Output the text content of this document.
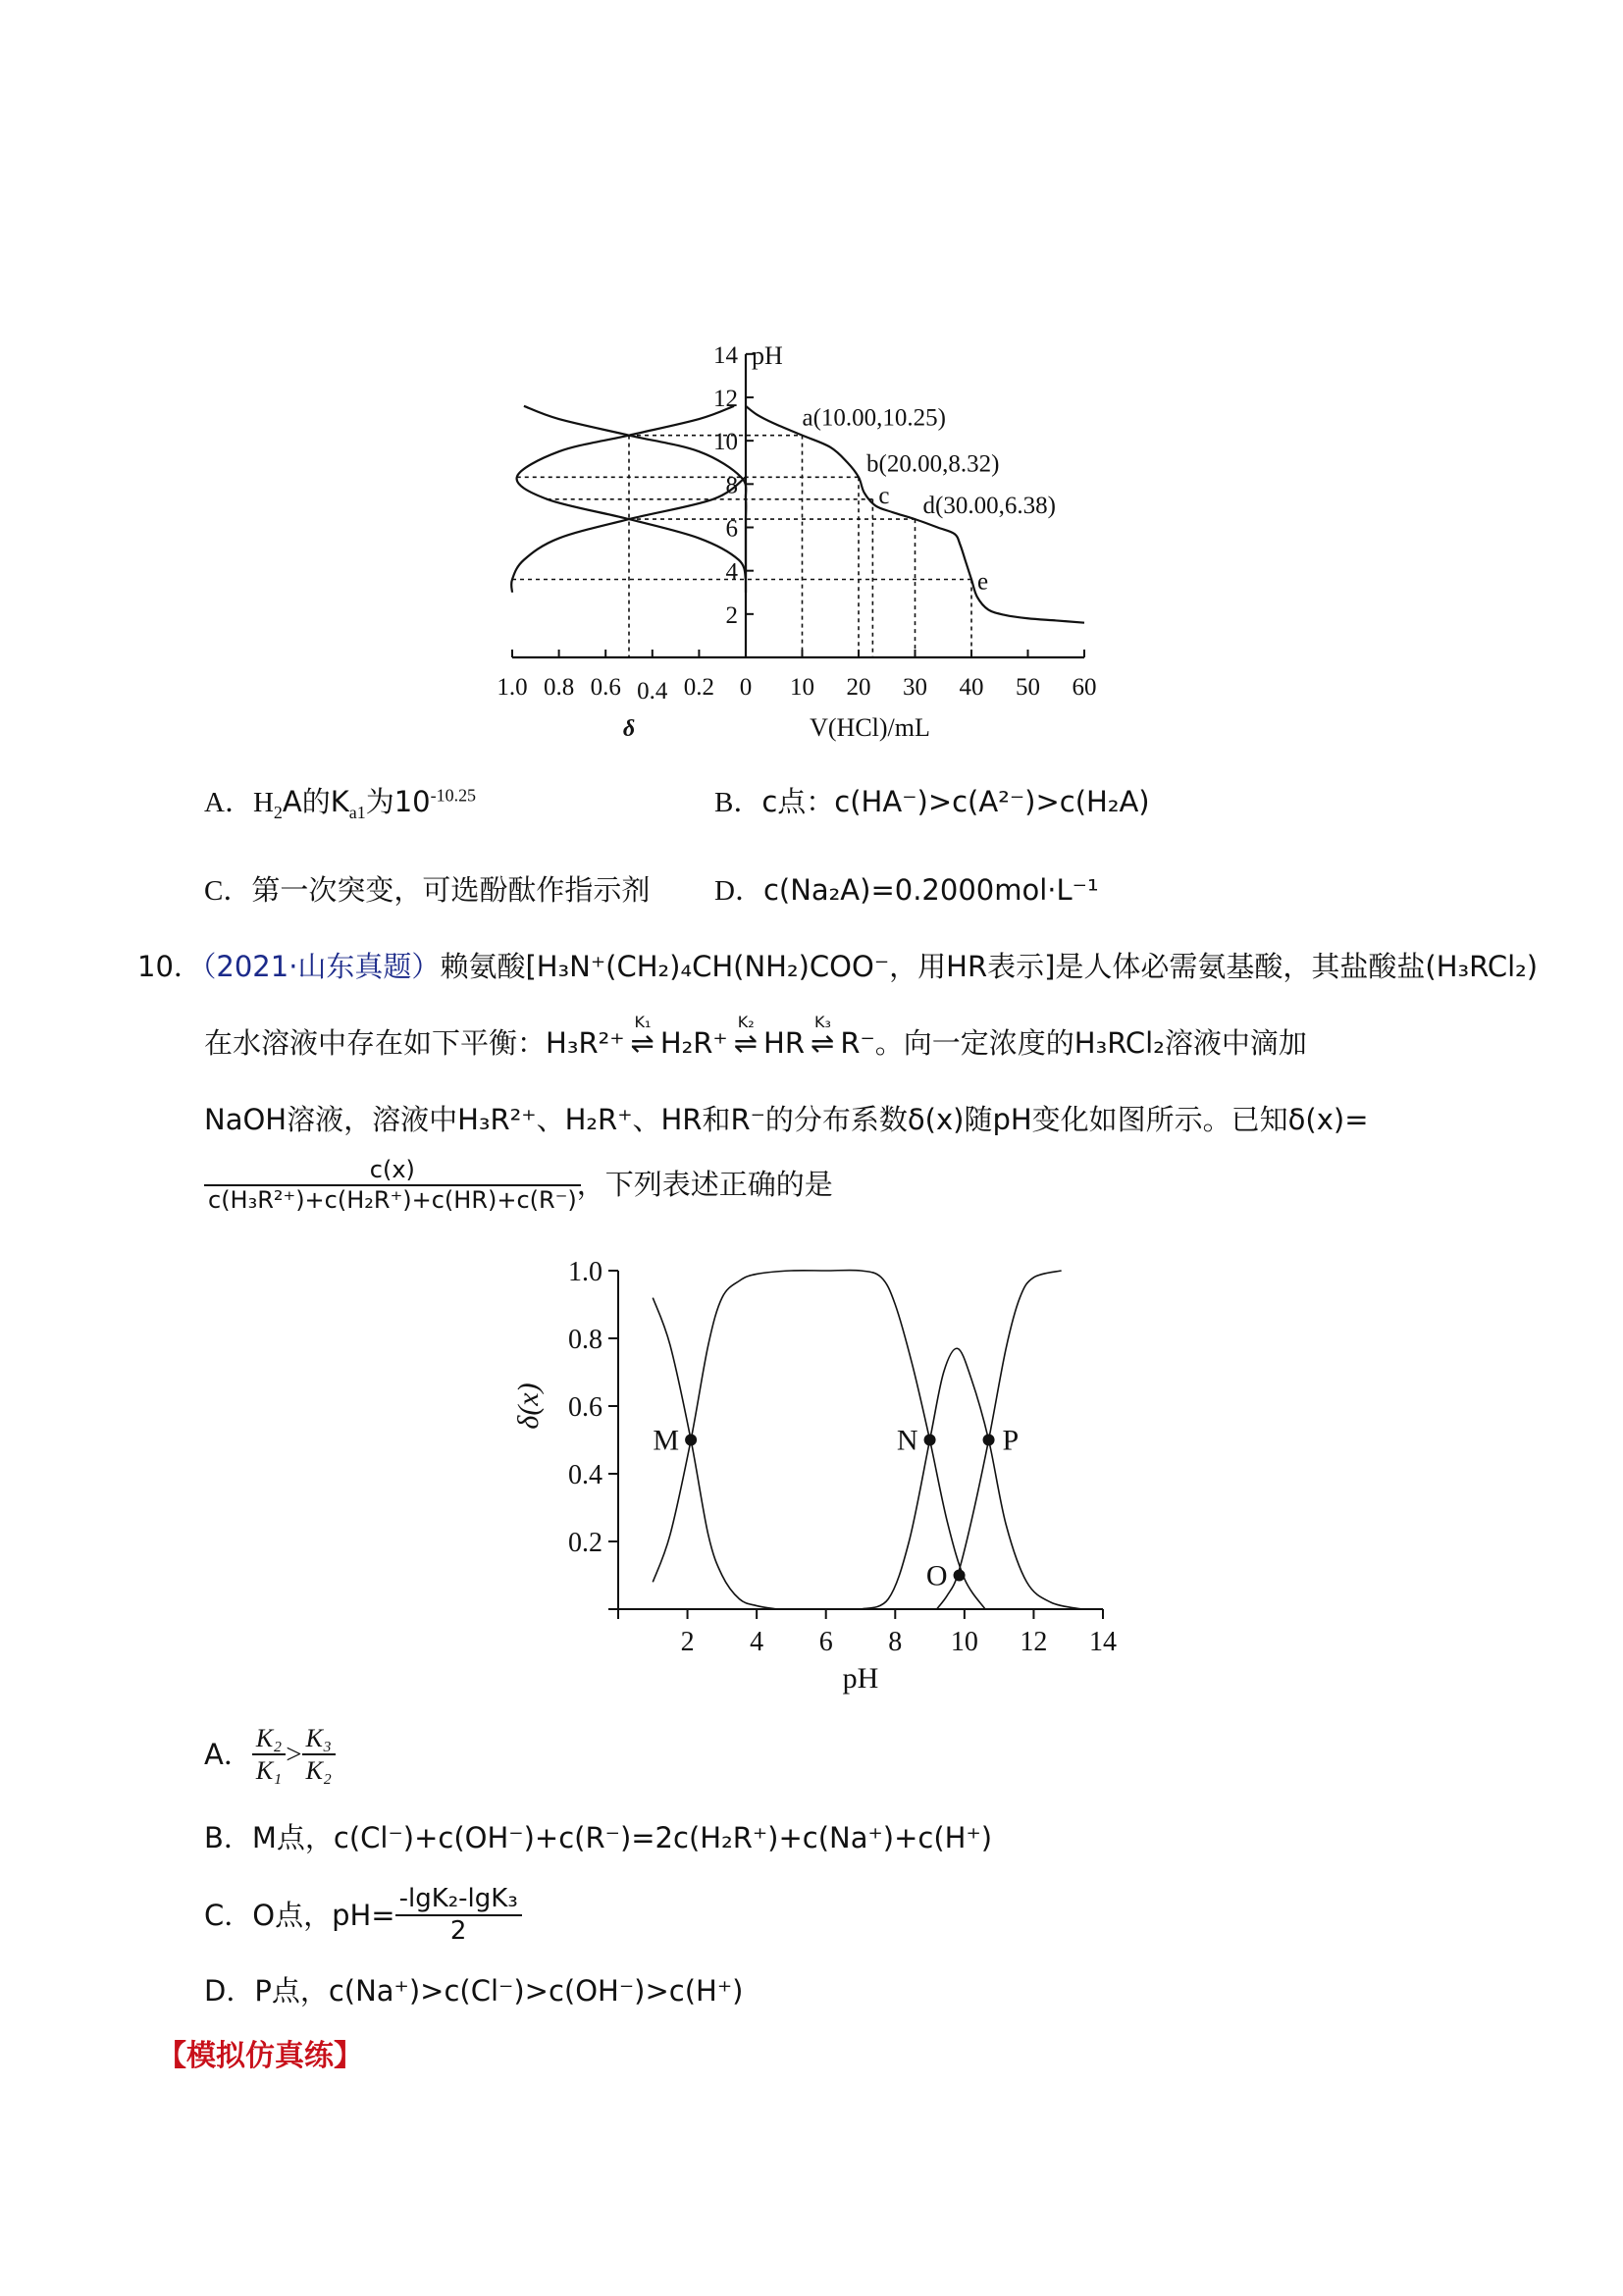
2
4
6
8
10
12
14 pH
10 20 30 40 50 60
1.0 0.8 0.6 0.4 0.2 0
V(HCl)/mL
δ
a(10.00,10.25)
b(20.00,8.32)
c d(30.00,6.38)
e
A．$H_2A$的$K_{a1}$为$10^{-10.25}$	B．c点：c(HA⁻)>c(A²⁻)>c(H₂A)
C．第一次突变，可选酚酞作指示剂 D．c(Na₂A)=0.2000mol·L⁻¹
10．（2021·山东真题）赖氨酸[H₃N⁺(CH₂)₄CH(NH₂)COO⁻，用HR表示]是人体必需氨基酸，其盐酸盐(H₃RCl₂)
在水溶液中存在如下平衡：H₃R²⁺ ⇌
K₁
H₂R⁺ ⇌
K₂
HR ⇌
K₃
R⁻。向一定浓度的H₃RCl₂溶液中滴加
NaOH溶液，溶液中H₃R²⁺、H₂R⁺、HR和R⁻的分布系数δ(x)随pH变化如图所示。已知δ(x)=
$\frac{c(x)}{\text{c(H₃R²⁺)+c(H₂R⁺)+c(HR)+c(R⁻)}}$ ，下列表述正确的是
0.2
0.4
0.6
0.8
1.0
2 4 6 8 10 12 14
pH
δ(x)
M	N
O
P
A． $\frac{\text{K₂}}{\text{K₁}} > \frac{\text{K₃}}{\text{K₂}}$
B．M点，c(Cl⁻)+c(OH⁻)+c(R⁻)=2c(H₂R⁺)+c(Na⁺)+c(H⁺)
C． O点，$pH= \frac{\text{-lgK₂-lgK₃}}{2}$
D．P点，c(Na⁺)>c(Cl⁻)>c(OH⁻)>c(H⁺)
【模拟仿真练】
